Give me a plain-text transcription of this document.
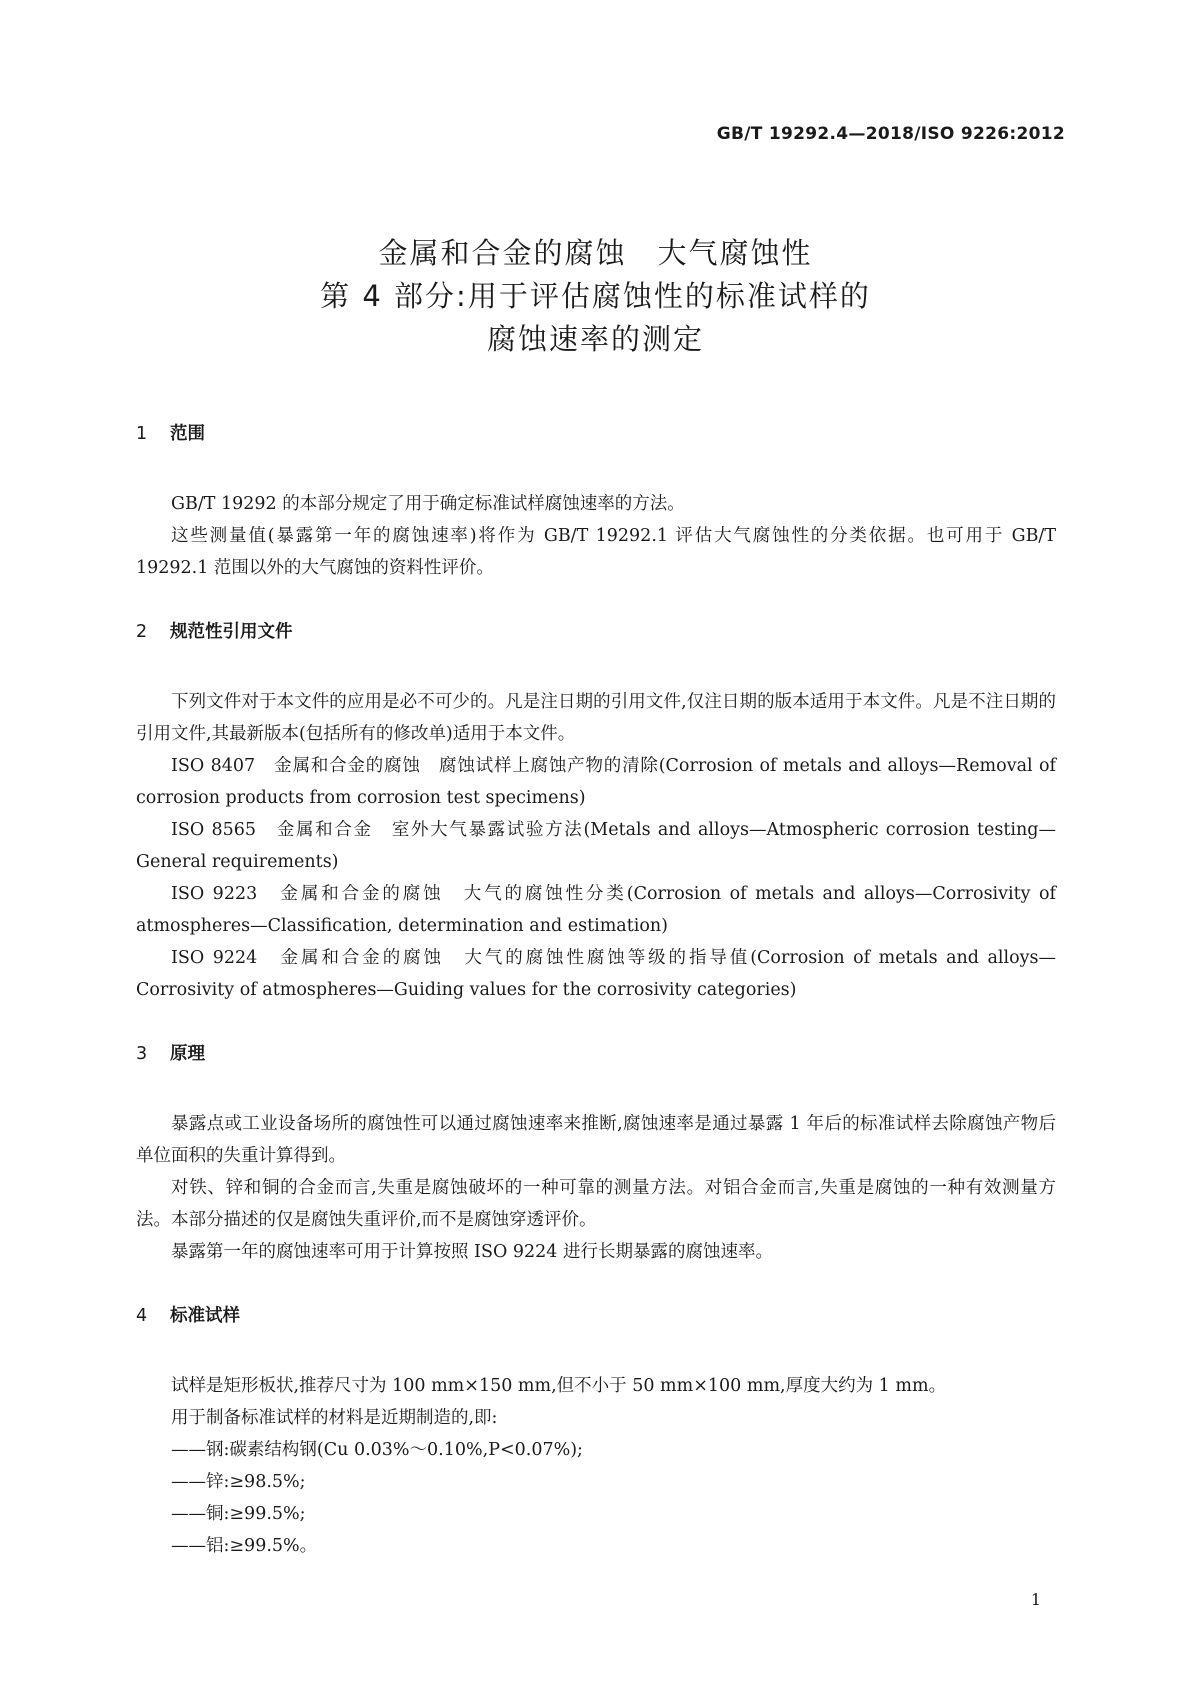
GB/T 19292.4—2018/ISO 9226:2012
金属和合金的腐蚀　大气腐蚀性
第 4 部分:用于评估腐蚀性的标准试样的
腐蚀速率的测定
1 范围

GB/T 19292 的本部分规定了用于确定标准试样腐蚀速率的方法。

这些测量值(暴露第一年的腐蚀速率)将作为 GB/T 19292.1 评估大气腐蚀性的分类依据。也可用于 GB/T 19292.1 范围以外的大气腐蚀的资料性评价。

2 规范性引用文件

下列文件对于本文件的应用是必不可少的。凡是注日期的引用文件,仅注日期的版本适用于本文件。凡是不注日期的引用文件,其最新版本(包括所有的修改单)适用于本文件。

ISO 8407　金属和合金的腐蚀　腐蚀试样上腐蚀产物的清除(Corrosion of metals and alloys—Removal of corrosion products from corrosion test specimens)

ISO 8565　金属和合金　室外大气暴露试验方法(Metals and alloys—Atmospheric corrosion testing—General requirements)

ISO 9223　金属和合金的腐蚀　大气的腐蚀性分类(Corrosion of metals and alloys—Corrosivity of atmospheres—Classification, determination and estimation)

ISO 9224　金属和合金的腐蚀　大气的腐蚀性腐蚀等级的指导值(Corrosion of metals and alloys—Corrosivity of atmospheres—Guiding values for the corrosivity categories)

3 原理

暴露点或工业设备场所的腐蚀性可以通过腐蚀速率来推断,腐蚀速率是通过暴露 1 年后的标准试样去除腐蚀产物后单位面积的失重计算得到。

对铁、锌和铜的合金而言,失重是腐蚀破坏的一种可靠的测量方法。对铝合金而言,失重是腐蚀的一种有效测量方法。本部分描述的仅是腐蚀失重评价,而不是腐蚀穿透评价。

暴露第一年的腐蚀速率可用于计算按照 ISO 9224 进行长期暴露的腐蚀速率。

4 标准试样

试样是矩形板状,推荐尺寸为 100 mm×150 mm,但不小于 50 mm×100 mm,厚度大约为 1 mm。

用于制备标准试样的材料是近期制造的,即:

——钢:碳素结构钢(Cu 0.03%～0.10%,P<0.07%);

——锌:≥98.5%;

——铜:≥99.5%;

——铝:≥99.5%。

1
